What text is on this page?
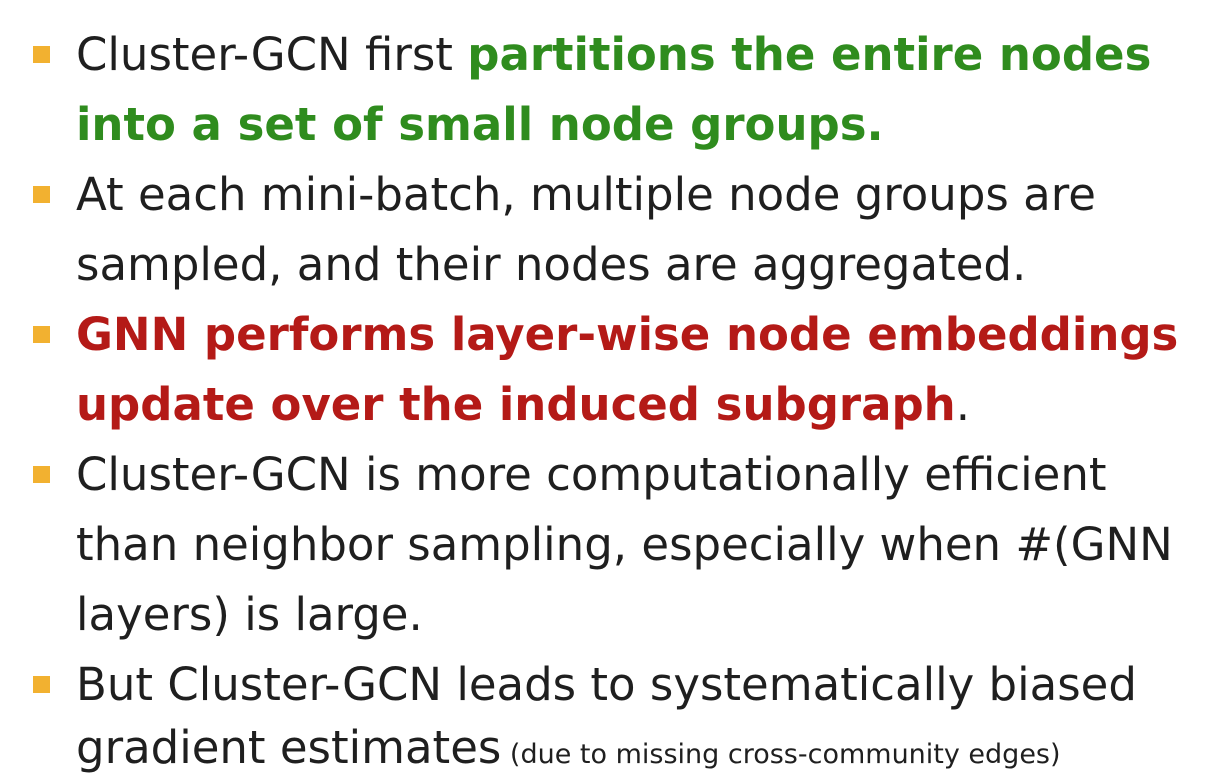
Cluster-GCN first partitions the entire nodes
into a set of small node groups.
At each mini-batch, multiple node groups are
sampled, and their nodes are aggregated.
GNN performs layer-wise node embeddings
update over the induced subgraph.
Cluster-GCN is more computationally efficient
than neighbor sampling, especially when #(GNN
layers) is large.
But Cluster-GCN leads to systematically biased
gradient estimates (due to missing cross-community edges)
